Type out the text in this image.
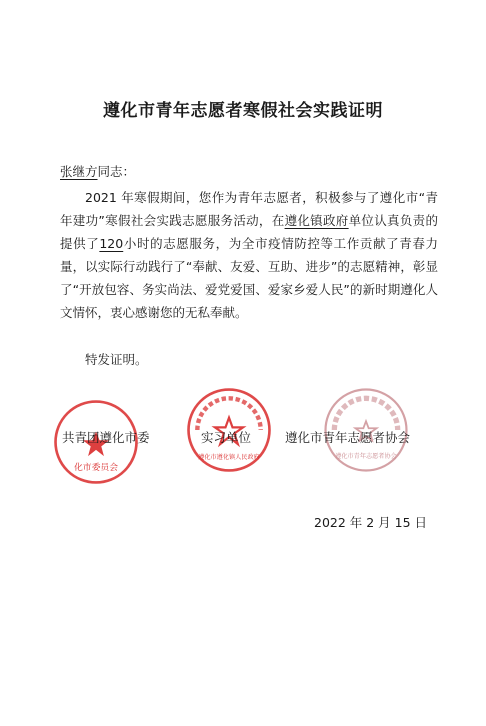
遵化市青年志愿者寒假社会实践证明
张继方同志：
2021 年寒假期间，您作为青年志愿者，积极参与了遵化市“青年建功”寒假社会实践志愿服务活动，在遵化镇政府单位认真负责的提供了120小时的志愿服务，为全市疫情防控等工作贡献了青春力量，以实际行动践行了“奉献、友爱、互助、进步”的志愿精神，彰显了“开放包容、务实尚法、爱党爱国、爱家乡爱人民”的新时期遵化人文情怀，衷心感谢您的无私奉献。
特发证明。
化市委员会
遵化市遵化镇人民政府	遵化市青年志愿者协会
共青团遵化市委	实习单位	遵化市青年志愿者协会
2022 年 2 月 15 日
